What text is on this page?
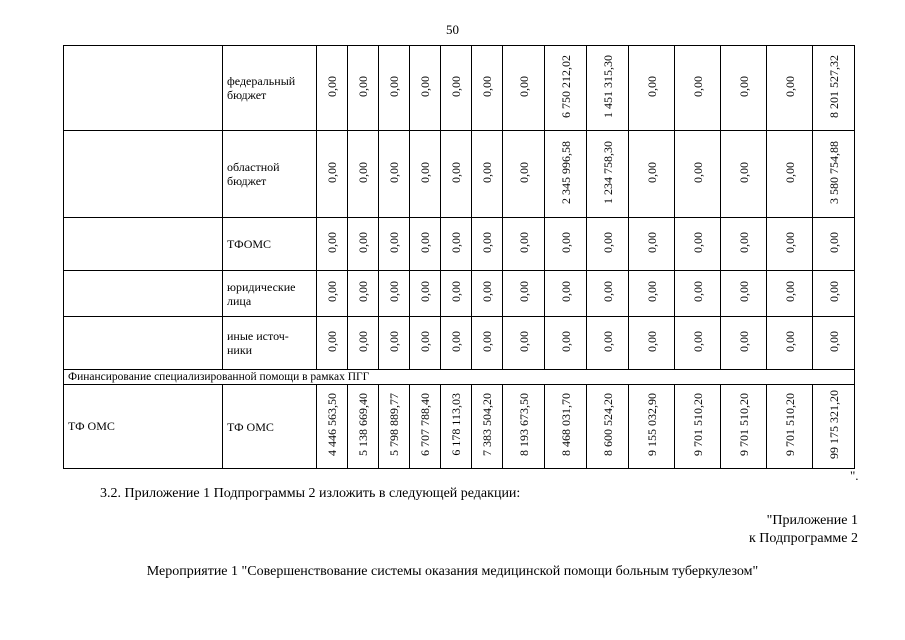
50
	федеральный бюджет	0,00	0,00	0,00	0,00	0,00	0,00	0,00	6 750 212,02	1 451 315,30	0,00	0,00	0,00	0,00	8 201 527,32
	областной бюджет	0,00	0,00	0,00	0,00	0,00	0,00	0,00	2 345 996,58	1 234 758,30	0,00	0,00	0,00	0,00	3 580 754,88
	ТФОМС	0,00	0,00	0,00	0,00	0,00	0,00	0,00	0,00	0,00	0,00	0,00	0,00	0,00	0,00
	юридические лица	0,00	0,00	0,00	0,00	0,00	0,00	0,00	0,00	0,00	0,00	0,00	0,00	0,00	0,00
	иные источ-ники	0,00	0,00	0,00	0,00	0,00	0,00	0,00	0,00	0,00	0,00	0,00	0,00	0,00	0,00
Финансирование специализированной помощи в рамках ПГГ															
ТФ ОМС	ТФ ОМС	4 446 563,50	5 138 669,40	5 798 889,77	6 707 788,40	6 178 113,03	7 383 504,20	8 193 673,50	8 468 031,70	8 600 524,20	9 155 032,90	9 701 510,20	9 701 510,20	9 701 510,20	99 175 321,20
".
3.2. Приложение 1 Подпрограммы 2 изложить в следующей редакции:
"Приложение 1
к Подпрограмме 2
Мероприятие 1 "Совершенствование системы оказания медицинской помощи больным туберкулезом"
